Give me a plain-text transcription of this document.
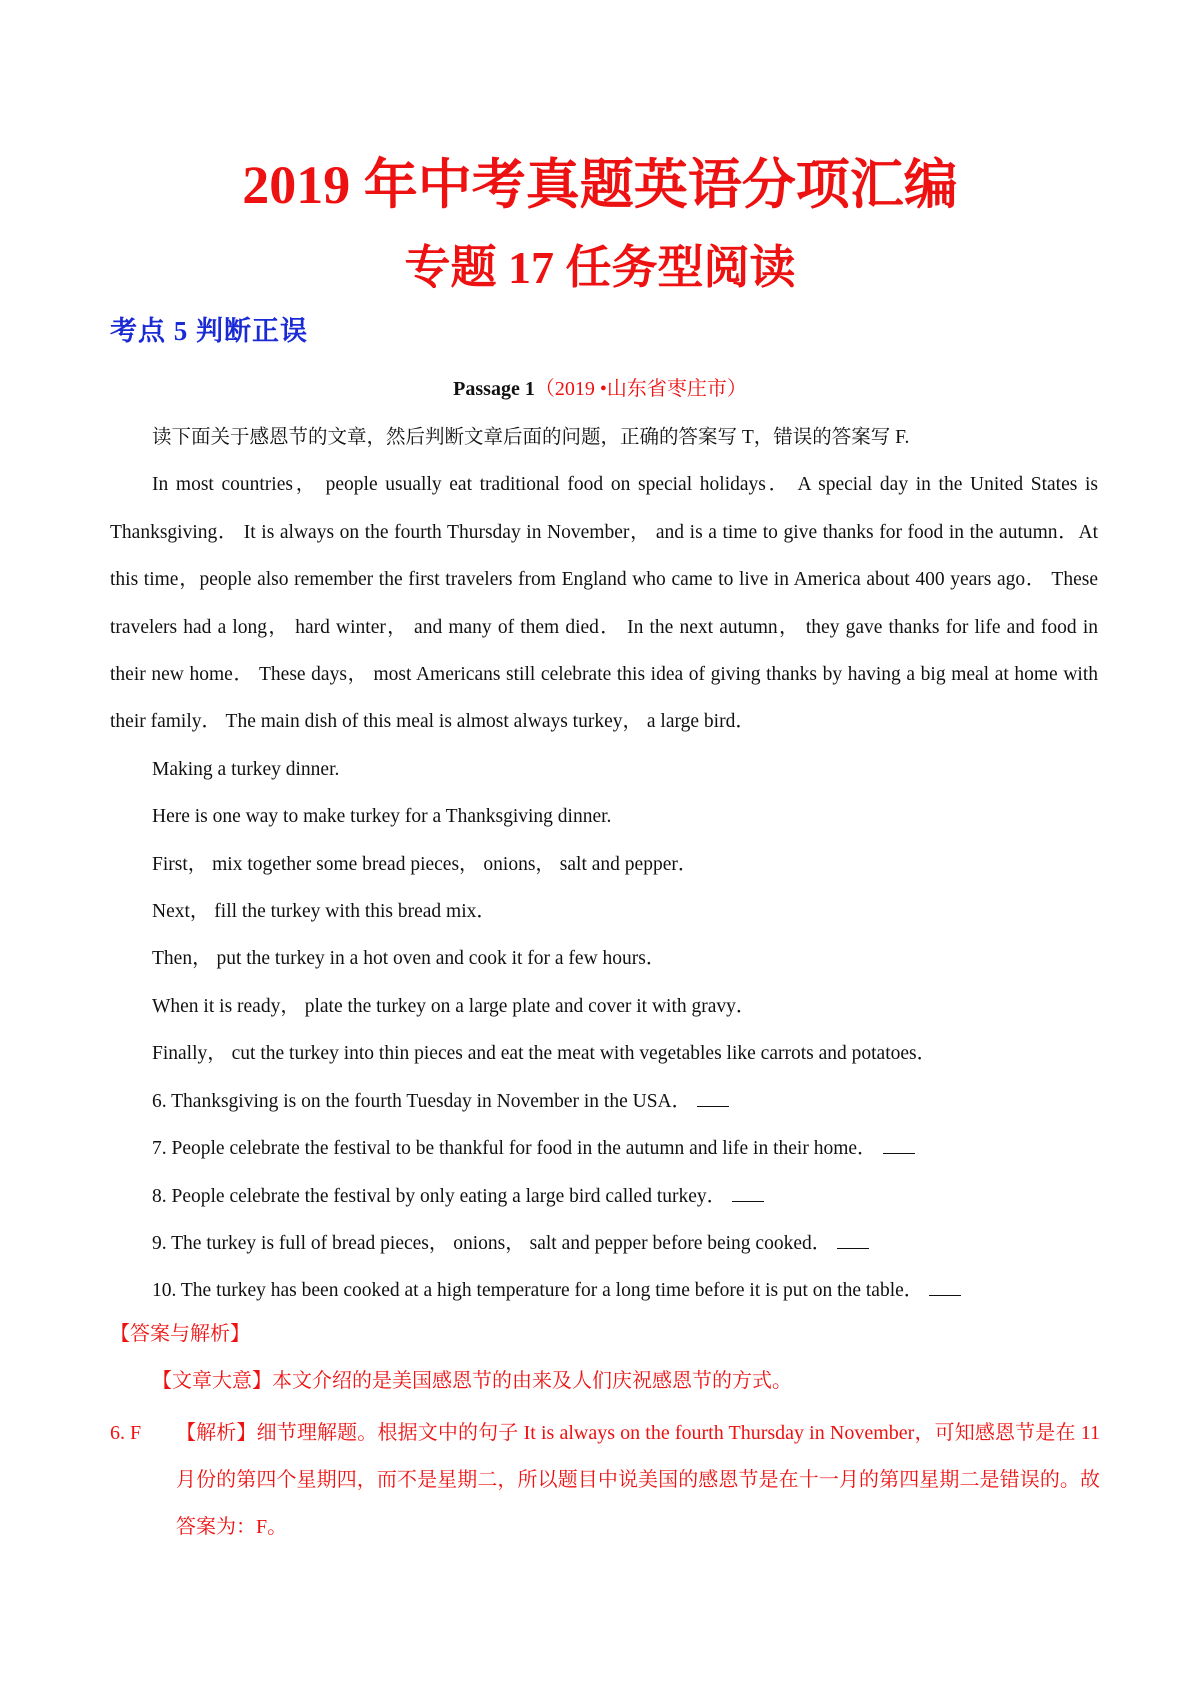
2019 年中考真题英语分项汇编
专题 17 任务型阅读
考点 5 判断正误
Passage 1（2019 •山东省枣庄市）

读下面关于感恩节的文章，然后判断文章后面的问题，正确的答案写 T，错误的答案写 F.

In most countries， people usually eat traditional food on special holidays． A special day in the United States is Thanksgiving． It is always on the fourth Thursday in November， and is a time to give thanks for food in the autumn．At this time，people also remember the first travelers from England who came to live in America about 400 years ago． These travelers had a long， hard winter， and many of them died． In the next autumn， they gave thanks for life and food in their new home． These days， most Americans still celebrate this idea of giving thanks by having a big meal at home with their family． The main dish of this meal is almost always turkey， a large bird．

Making a turkey dinner.

Here is one way to make turkey for a Thanksgiving dinner.

First， mix together some bread pieces， onions， salt and pepper．

Next， fill the turkey with this bread mix．

Then， put the turkey in a hot oven and cook it for a few hours．

When it is ready， plate the turkey on a large plate and cover it with gravy．

Finally， cut the turkey into thin pieces and eat the meat with vegetables like carrots and potatoes．

6. Thanksgiving is on the fourth Tuesday in November in the USA．

7. People celebrate the festival to be thankful for food in the autumn and life in their home．

8. People celebrate the festival by only eating a large bird called turkey．

9. The turkey is full of bread pieces， onions， salt and pepper before being cooked．

10. The turkey has been cooked at a high temperature for a long time before it is put on the table．

【答案与解析】
【文章大意】本文介绍的是美国感恩节的由来及人们庆祝感恩节的方式。
6. F 【解析】细节理解题。根据文中的句子 It is always on the fourth Thursday in November，可知感恩节是在 11 月份的第四个星期四，而不是星期二，所以题目中说美国的感恩节是在十一月的第四星期二是错误的。故答案为：F。
